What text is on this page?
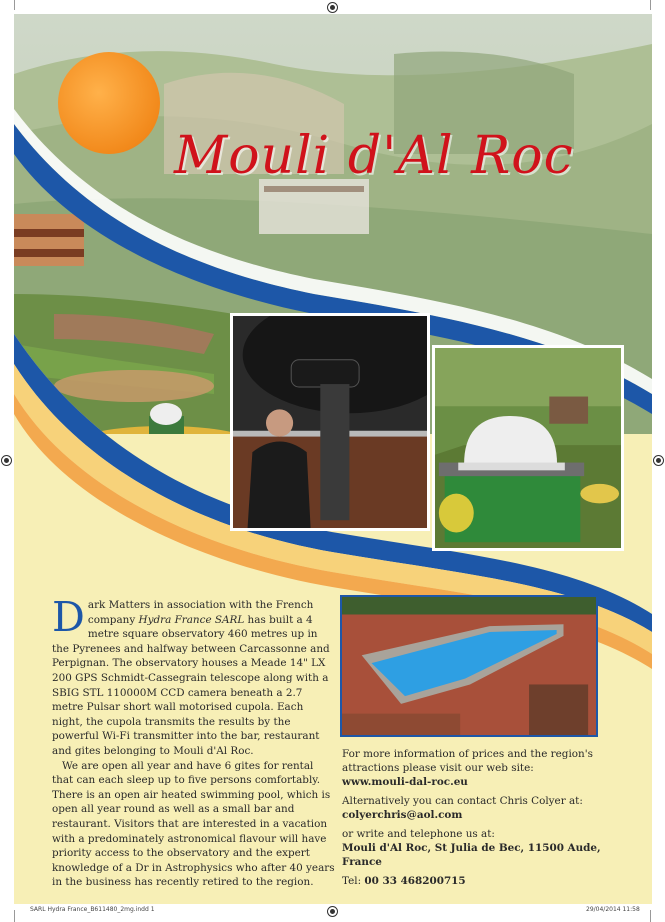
Mouli d'Al Roc

Dark Matters in association with the French company Hydra France SARL has built a 4 metre square observatory 460 metres up in the Pyrenees and halfway between Carcassonne and Perpignan. The observatory houses a Meade 14" LX 200 GPS Schmidt-Cassegrain telescope along with a SBIG STL 110000M CCD camera beneath a 2.7 metre Pulsar short wall motorised cupola. Each night, the cupola transmits the results by the powerful Wi-Fi transmitter into the bar, restaurant and gites belonging to Mouli d'Al Roc.

We are open all year and have 6 gites for rental that can each sleep up to five persons comfortably. There is an open air heated swimming pool, which is open all year round as well as a small bar and restaurant. Visitors that are interested in a vacation with a predominately astronomical flavour will have priority access to the observatory and the expert knowledge of a Dr in Astrophysics who after 40 years in the business has recently retired to the region.

For more information of prices and the region's attractions please visit our web site:
www.mouli-dal-roc.eu
Alternatively you can contact Chris Colyer at:
colyerchris@aol.com
or write and telephone us at:
Mouli d'Al Roc, St Julia de Bec, 11500 Aude, France
Tel: 00 33 468200715
SARL Hydra France_B611480_2mg.indd 1	29/04/2014 11:58
